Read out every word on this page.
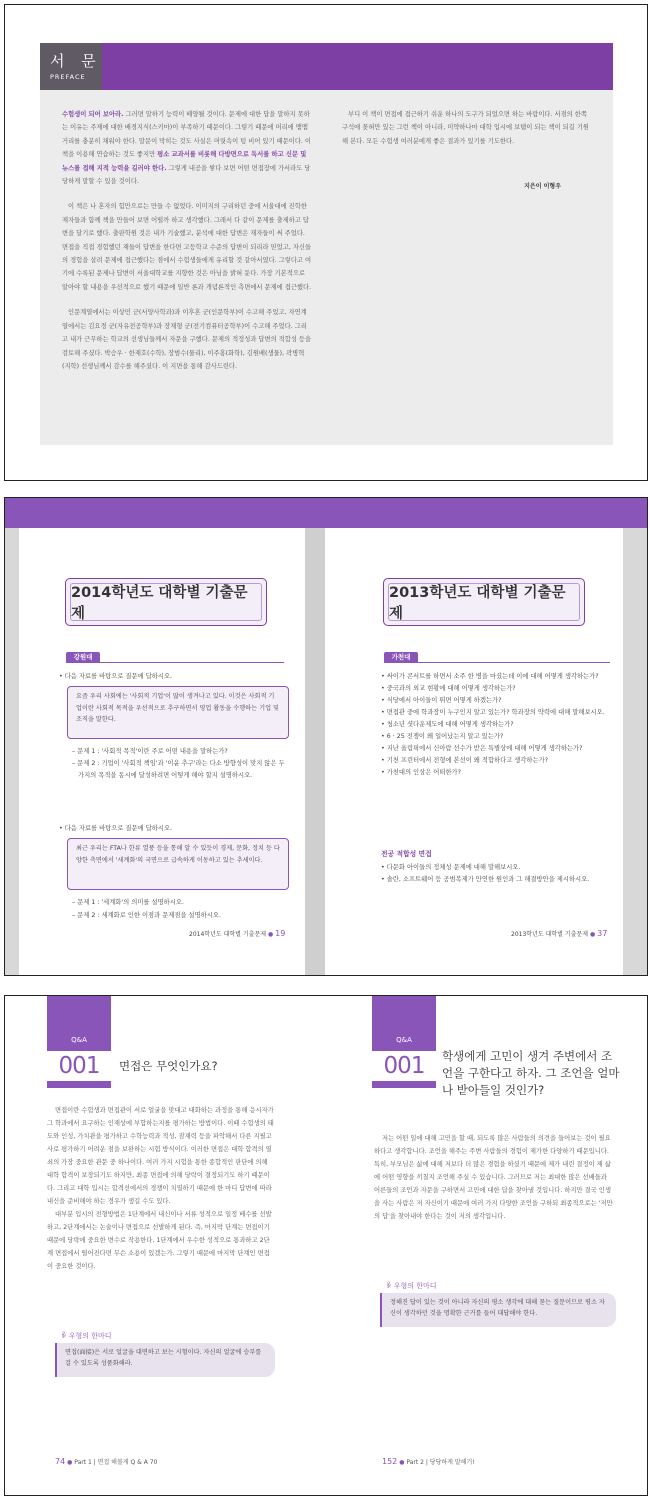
서 문
PREFACE

수험생이 되어 보아라. 그러면 말하기 능력이 배양될 것이다. 문제에 대한 답을 말하지 못하는 이유는 주제에 대한 배경지식(스키마)이 부족하기 때문이다. 그렇기 때문에 머리에 맴맴 거리를 충분히 채워야 한다. 말문이 막히는 것도 사실은 머릿속이 텅 비어 있기 때문이다. 이 책을 이용해 연습하는 것도 좋지만 평소 교과서를 비롯해 다방면으로 독서를 하고 신문 및 뉴스를 접해 지적 능력을 길러야 한다. 그렇게 내공을 쌓다 보면 어떤 면접장에 가서라도 당당하게 말할 수 있을 것이다.

이 책은 나 혼자의 힘만으로는 만들 수 없었다. 이미지의 구리하던 중에 서울대에 진학한 제자들과 함께 책을 만들어 보면 어떨까 하고 생각했다. 그래서 다 같이 문제를 출제하고 답변을 달기로 했다. 출판학원 것은 내가 기술했고, 분석에 대한 답변은 재자들이 써 주었다. 면접을 직접 경험했던 재들이 답변을 한다면 고등학교 수준의 답변이 되리라 믿었고, 자신들의 경험을 살려 문제에 접근했다는 점에서 수험생들에게 유리할 것 같아서였다. 그렇다고 여기에 수록된 문제나 답변이 서울대학교를 지향한 것은 아님을 밝혀 둔다. 가장 기본적으로 알아야 할 내용을 우선적으로 했기 때문에 일반 론과 개념론적인 측면에서 문제에 접근했다.

인문계열에서는 이상민 군(서양사학과)과 이후혼 군(인문학부)이 수고해 주었고, 자연계열에서는 김요경 군(자유전공학부)과 장재형 군(전기컴퓨터공학부)이 수고해 주었다. 그리고 내가 근무하는 학교의 선생님들께서 자문을 구했다. 문제의 적정성과 답변의 적합성 등을 검토해 주셨다. 박승우 · 한재호(수학), 장범수(물리), 이주홍(화학), 김원배(생물), 곽병혁(지학) 선생님께서 감수를 해주셨다. 이 지면을 통해 감사드린다.

부디 이 책이 면접에 접근하기 쉬운 하나의 도구가 되었으면 하는 바람이다. 서점의 한쪽 구석에 꽂혀만 있는 그런 책이 아니라, 미약하나마 대학 입시에 보탬이 되는 책이 되길 기원해 본다. 모든 수험생 여러분에게 좋은 결과가 있기를 기도한다.
지은이 이형우
2014학년도 대학별 기출문제
강원대
• 다음 자료를 바탕으로 질문에 답하시오.
요즘 우리 사회에는 '사회적 기업'이 많이 생겨나고 있다. 이것은 사회적 기업이란 사회적 목적을 우선적으로 추구하면서 영업 활동을 수행하는 기업 및 조직을 말한다.
– 문제 1 : '사회적 목적'이란 주로 어떤 내용을 말하는가?
– 문제 2 : 기업이 '사회적 책임'과 '이윤 추구'라는 다소 방향성이 맞지 않은 두 가지의 목적을 동시에 달성하려면 어떻게 해야 할지 설명하시오.
• 다음 자료를 바탕으로 질문에 답하시오.
최근 우리는 FTA나 한류 열풍 등을 통해 알 수 있듯이 경제, 문화, 정치 등 다양한 측면에서 '세계화'의 국면으로 급속하게 이동하고 있는 추세이다.
– 문제 1 : '세계화'의 의미를 설명하시오.
– 문제 2 : 세계화로 인한 이점과 문제점을 설명하시오.
2014학년도 대학별 기출문제 ● 19
2013학년도 대학별 기출문제
가천대
• 싸이가 콘서트를 하면서 소주 한 병을 마셨는데 이에 대해 어떻게 생각하는가?
• 중국과의 외교 현황에 대해 어떻게 생각하는가?
• 식당에서 아이들이 뛰면 어떻게 하겠는가?
• 면접관 중에 학과장이 누구인지 알고 있는가? 학과장의 약력에 대해 말해보시오.
• 청소년 셧다운제도에 대해 어떻게 생각하는가?
• 6 · 25 전쟁이 왜 일어났는지 알고 있는가?
• 지난 올림픽에서 신아람 선수가 받은 특별상에 대해 어떻게 생각하는가?
• 기천 프린터에서 전형에 본선이 왜 적합하다고 생각하는가?
• 가천대의 인상은 어떠한가?
전공 적합성 면접
• 다문화 아이들의 정체성 문제에 대해 말해보시오.
• 솔란, 소프트웨어 등 공범복제가 만연한 원인과 그 해결방안을 제시하시오.
2013학년도 대학별 기출문제 ● 37
Q&A
001	면접은 무엇인가요?

면접이란 수험생과 면접관이 서로 얼굴을 맞대고 대화하는 과정을 통해 응시자가 그 학과에서 요구하는 인재상에 부합하는지를 평가하는 방법이다. 이때 수험생의 태도와 인성, 가치관을 평가하고 수학능력과 적성, 잠재력 등을 파악해서 다른 지필고사로 평가하기 어려운 점을 보완하는 시험 방식이다. 이러한 면접은 대학 합격의 열쇠의 가장 중요한 관문 중 하나이다. 여러 가지 시험을 통한 종합적인 판단에 의해 대학 합격이 보장되기도 하지만, 최종 면접에 의해 당락이 결정되기도 하기 때문이다. 그리고 대학 입시는 합격선에서의 경쟁이 치열하기 때문에 한 마디 답변에 따라 내신을 준비해야 하는 경우가 생길 수도 있다.

대부분 입시의 전형방법은 1단계에서 내신이나 서류 성적으로 일정 배수를 선발하고, 2단계에서는 논술이나 면접으로 선발하게 된다. 즉, 마지막 단계는 면접이기 때문에 당락에 중요한 변수로 작용한다. 1단계에서 우수한 성적으로 통과하고 2단계 면접에서 떨어진다면 무슨 소용이 있겠는가. 그렇기 때문에 마지막 단계인 면접이 중요한 것이다.

ꆜ 우형의 한마디
면접(面接)은 서로 얼굴을 대면하고 보는 시험이다. 자신의 얼굴에 승부를 걸 수 있도록 성품화해라.
74 ● Part 1 | 면접 해볼게 Q & A 70
Q&A
001	학생에게 고민이 생겨 주변에서 조언을 구한다고 하자. 그 조언을 얼마나 받아들일 것인가?

저는 어떤 일에 대해 고민을 할 때, 되도록 많은 사람들의 의견을 들어보는 것이 필요하다고 생각합니다. 조언을 해주는 주변 사람들의 경험이 제가한 다양하기 때문입니다. 특히, 부모님은 삶에 대해 저보다 더 많은 경험을 하셨기 때문에 제가 내린 결정이 제 삶에 어떤 영향을 끼칠지 조언해 주실 수 있습니다. 그러므로 저는 최대한 많은 선배들과 어른들의 조언과 자문을 구하면서 고민에 대한 답을 찾아낼 것입니다. 하지만 결국 인생을 사는 사람은 저 자신이기 때문에 여러 가지 다양한 조언을 구하되 최종적으로는 '저만의 답'을 찾아내야 한다는 것이 저의 생각입니다.

ꆜ 우형의 한마디
정해진 답이 있는 것이 아니라 자신의 평소 생각에 대해 묻는 질문이므로 평소 자신이 생각하던 것을 명확한 근거를 들어 대답해야 한다.
152 ● Part 2 | 당당하게 말해기!
